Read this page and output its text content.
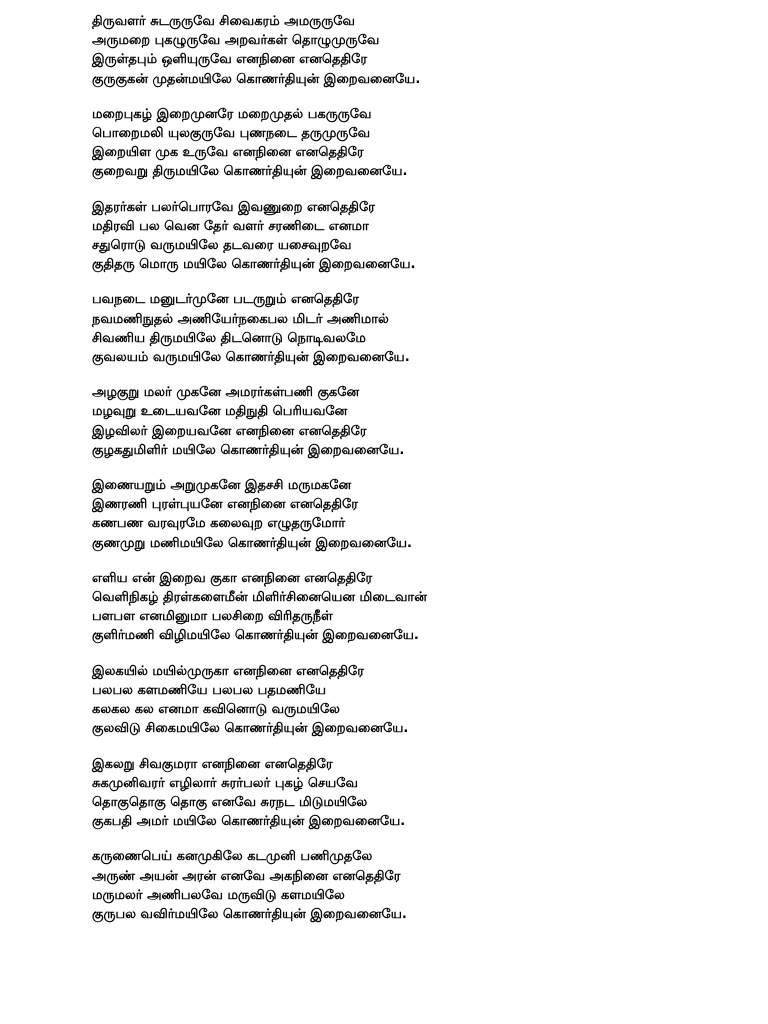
திருவளர் சுடருருவே சிவைகரம் அமருருவே
அருமறை புகழுருவே அறவர்கள் தொழுமுருவே
இருள்தபும் ஒளியுருவே எனநினை எனதெதிரே
குருகுகன் முதன்மயிலே கொணர்தியுன் இறைவனையே.
மறைபுகழ் இறைமுனரே மறைமுதல் பகருருவே
பொறைமலி யுலகுருவே புணநடை தருமுருவே
இறையிள முக உருவே எனநினை எனதெதிரே
குறைவறு திருமயிலே கொணர்தியுன் இறைவனையே.
இதரர்கள் பலர்பொரவே இவணுறை எனதெதிரே
மதிரவி பல வென தேர் வளர் சரணிடை எனமா
சதுரொடு வருமயிலே தடவரை யசைவுறவே
குதிதரு மொரு மயிலே கொணர்தியுன் இறைவனையே.
பவநடை மனுடர்முனே படருறும் எனதெதிரே
நவமணிநுதல் அணியேர்நகைபல மிடர் அணிமால்
சிவணிய திருமயிலே திடனொடு நொடிவலமே
குவலயம் வருமயிலே கொணர்தியுன் இறைவனையே.
அழகுறு மலர் முகனே அமரர்கள்பணி குகனே
மழவுறு உடையவனே மதிநுதி பெரியவனே
இழவிலர் இறையவனே எனநினை எனதெதிரே
குழகதுமிளிர் மயிலே கொணர்தியுன் இறைவனையே.
இணையறும் அறுமுகனே இதசசி மருமகனே
இணரணி புரள்புயனே எனநினை எனதெதிரே
கணபண வரவுரமே கலைவுற எழுதருமோர்
குணமுறு மணிமயிலே கொணர்தியுன் இறைவனையே.
எளிய என் இறைவ குகா எனநினை எனதெதிரே
வெளிநிகழ் திரள்களைமீன் மிளிர்சினையென மிடைவான்
பளபள எனமினுமா பலசிறை விரிதருநீள்
குளிர்மணி விழிமயிலே கொணர்தியுன் இறைவனையே.
இலகயில் மயில்முருகா எனநினை எனதெதிரே
பலபல களமணியே பலபல பதமணியே
கலகல கல எனமா கவினொடு வருமயிலே
குலவிடு சிகைமயிலே கொணர்தியுன் இறைவனையே.
இகலறு சிவகுமரா எனநினை எனதெதிரே
சுகமுனிவரர் எழிலார் சுரர்பலர் புகழ் செயவே
தொகுதொகு தொகு எனவே சுரநட மிடுமயிலே
குகபதி அமர் மயிலே கொணர்தியுன் இறைவனையே.
கருணைபெய் கனமுகிலே கடமுனி பணிமுதலே
அருண் அயன் அரன் எனவே அகநினை எனதெதிரே
மருமலர் அணிபலவே மருவிடு களமயிலே
குருபல வவிர்மயிலே கொணர்தியுன் இறைவனையே.
